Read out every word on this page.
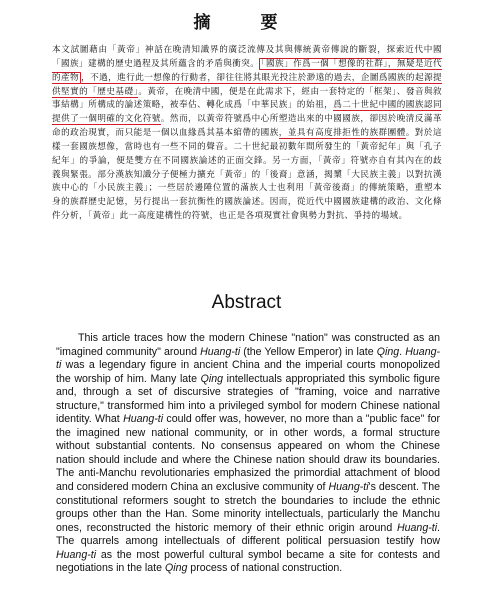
摘 要
本文試圖藉由「黃帝」神話在晚清知識界的廣泛流傳及其與傳統黃帝傳說的斷裂，探索近代中國「國族」建構的歷史過程及其所蘊含的矛盾與衝突。 「國族」作爲一個「想像的社群」，無疑是近代的產物 ，不過，進行此一想像的行動者，卻往往將其眼光投注於渺遠的過去，企圖爲國族的起源提供堅實的「歷史基礎」。黃帝，在晚清中國，便是在此需求下，經由一套特定的「框架」、發音與敘事結構」所構成的論述策略，被奉估、轉化成爲「中華民族」的始祖，爲二十世紀中國的國族認同提供了一個明確的文化符號。然而，以黃帝符號爲中心所塑造出來的中國國族，卻因於晚清反滿革命的政治現實，而只能是一個以血緣爲其基本綰帶的國族，並具有高度排拒性的族群團體。對於這樣一套國族想像，當時也有一些不同的聲音。二十世紀最初數年間所發生的「黃帝紀年」與「孔子紀年」的爭論，便是雙方在不同國族論述的正面交鋒。另一方面，「黃帝」符號亦自有其內在的歧義與緊張。部分漢族知識分子便極力擴充「黃帝」的「後裔」意涵，揭櫫「大民族主義」以對抗漢族中心的「小民族主義」；一些居於邊陲位置的滿族人士也利用「黃帝後裔」的傳統策略，重塑本身的族群歷史記憶，另行提出一套抗衡性的國族論述。因而，從近代中國國族建構的政治、文化條件分析，「黃帝」此一高度建構性的符號，也正是各項現實社會與勢力對抗、爭持的場域。
Abstract
This article traces how the modern Chinese "nation" was constructed as an "imagined community" around Huang-ti (the Yellow Emperor) in late Qing. Huang-ti was a legendary figure in ancient China and the imperial courts monopolized the worship of him. Many late Qing intellectuals appropriated this symbolic figure and, through a set of discursive strategies of "framing, voice and narrative structure," transformed him into a privileged symbol for modern Chinese national identity. What Huang-ti could offer was, however, no more than a "public face" for the imagined new national community, or in other words, a formal structure without substantial contents. No consensus appeared on whom the Chinese nation should include and where the Chinese nation should draw its boundaries. The anti-Manchu revolutionaries emphasized the primordial attachment of blood and considered modern China an exclusive community of Huang-ti's descent. The constitutional reformers sought to stretch the boundaries to include the ethnic groups other than the Han. Some minority intellectuals, particularly the Manchu ones, reconstructed the historic memory of their ethnic origin around Huang-ti. The quarrels among intellectuals of different political persuasion testify how Huang-ti as the most powerful cultural symbol became a site for contests and negotiations in the late Qing process of national construction.
